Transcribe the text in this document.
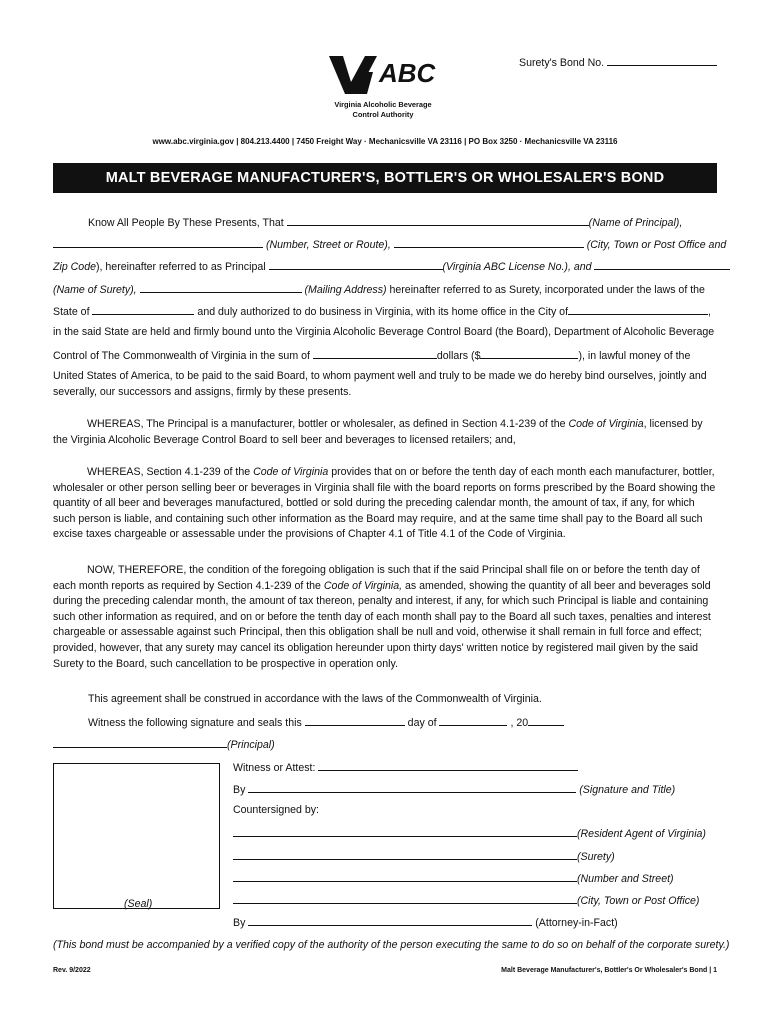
Surety's Bond No.
ABC
Virginia Alcoholic Beverage
Control Authority
www.abc.virginia.gov | 804.213.4400 | 7450 Freight Way · Mechanicsville VA 23116 | PO Box 3250 · Mechanicsville VA 23116
MALT BEVERAGE MANUFACTURER'S, BOTTLER'S OR WHOLESALER'S BOND
Know All People By These Presents, That	(Name of Principal),
(Number, Street or Route),	(City, Town or Post Office and
Zip Code), hereinafter referred to as Principal	(Virginia ABC License No.), and
(Name of Surety),	(Mailing Address) hereinafter referred to as Surety, incorporated under the laws of the
State of	and duly authorized to do business in Virginia, with its home office in the City of	,
in the said State are held and firmly bound unto the Virginia Alcoholic Beverage Control Board (the Board), Department of Alcoholic Beverage
Control of The Commonwealth of Virginia in the sum of	dollars ($	), in lawful money of the
United States of America, to be paid to the said Board, to whom payment well and truly to be made we do hereby bind ourselves, jointly and
severally, our successors and assigns, firmly by these presents.
WHEREAS, The Principal is a manufacturer, bottler or wholesaler, as defined in Section 4.1-239 of the Code of Virginia, licensed by the Virginia Alcoholic Beverage Control Board to sell beer and beverages to licensed retailers; and,
WHEREAS, Section 4.1-239 of the Code of Virginia provides that on or before the tenth day of each month each manufacturer, bottler, wholesaler or other person selling beer or beverages in Virginia shall file with the board reports on forms prescribed by the Board showing the quantity of all beer and beverages manufactured, bottled or sold during the preceding calendar month, the amount of tax, if any, for which such person is liable, and containing such other information as the Board may require, and at the same time shall pay to the Board all such excise taxes chargeable or assessable under the provisions of Chapter 4.1 of Title 4.1 of the Code of Virginia.
NOW, THEREFORE, the condition of the foregoing obligation is such that if the said Principal shall file on or before the tenth day of each month reports as required by Section 4.1-239 of the Code of Virginia, as amended, showing the quantity of all beer and beverages sold during the preceding calendar month, the amount of tax thereon, penalty and interest, if any, for which such Principal is liable and containing such other information as required, and on or before the tenth day of each month shall pay to the Board all such taxes, penalties and interest chargeable or assessable against such Principal, then this obligation shall be null and void, otherwise it shall remain in full force and effect; provided, however, that any surety may cancel its obligation hereunder upon thirty days' written notice by registered mail given by the said Surety to the Board, such cancellation to be prospective in operation only.
This agreement shall be construed in accordance with the laws of the Commonwealth of Virginia.
Witness the following signature and seals this	day of	, 20
(Principal)
(Seal)
Witness or Attest:
By	(Signature and Title)
Countersigned by:
(Resident Agent of Virginia)
(Surety)
(Number and Street)
(City, Town or Post Office)
By	(Attorney-in-Fact)
(This bond must be accompanied by a verified copy of the authority of the person executing the same to do so on behalf of the corporate surety.)
Rev. 9/2022	Malt Beverage Manufacturer's, Bottler's Or Wholesaler's Bond | 1
